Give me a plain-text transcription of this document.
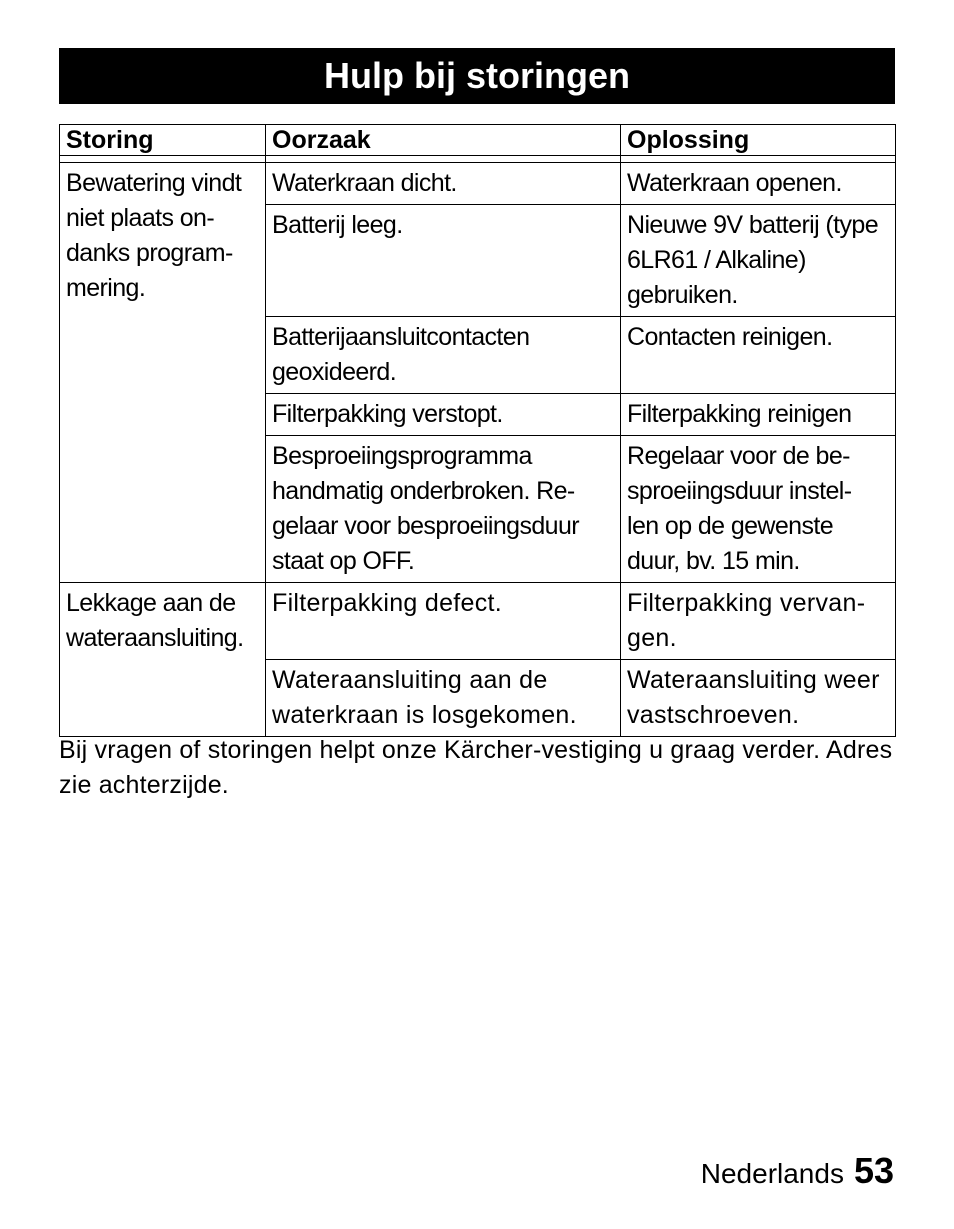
Hulp bij storingen
Storing	Oorzaak	Oplossing

Bewatering vindt niet plaats on- danks program- mering.	Waterkraan dicht.	Waterkraan openen.
	Batterij leeg.	Nieuwe 9V batterij (type 6LR61 / Alkaline) gebruiken.
	Batterijaansluitcontacten geoxideerd.	Contacten reinigen.
	Filterpakking verstopt.	Filterpakking reinigen
	Besproeiingsprogramma handmatig onderbroken. Re- gelaar voor besproeiingsduur staat op OFF.	Regelaar voor de be- sproeiingsduur instel- len op de gewenste duur, bv. 15 min.
Lekkage aan de wateraansluiting.	Filterpakking defect.	Filterpakking vervan- gen.
	Wateraansluiting aan de waterkraan is losgekomen.	Wateraansluiting weer vastschroeven.
Bij vragen of storingen helpt onze Kärcher-vestiging u graag verder. Adres zie achterzijde.
Nederlands 53
